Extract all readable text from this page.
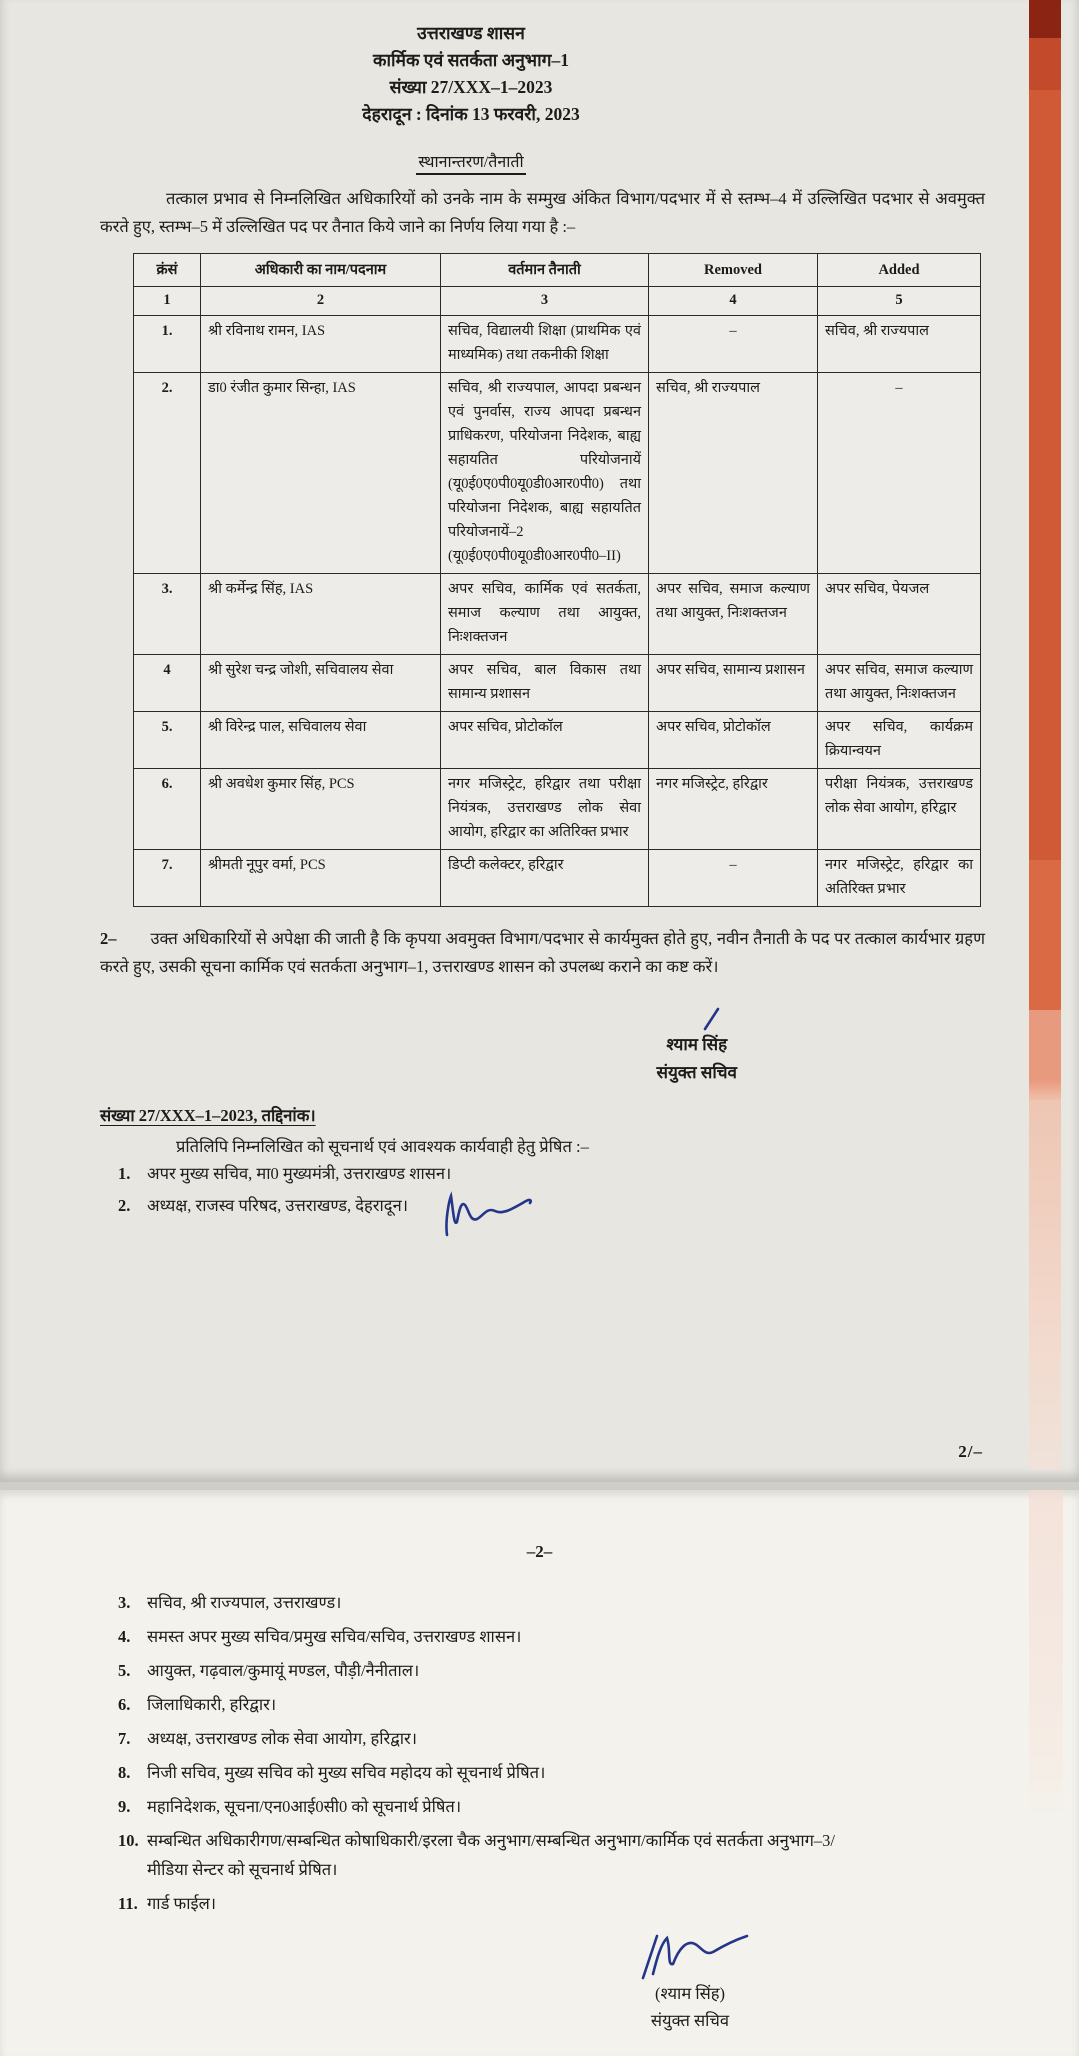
उत्तराखण्ड शासन
कार्मिक एवं सतर्कता अनुभाग–1
संख्या 27/XXX–1–2023
देहरादून : दिनांक 13 फरवरी, 2023
स्थानान्तरण/तैनाती

तत्काल प्रभाव से निम्नलिखित अधिकारियों को उनके नाम के सम्मुख अंकित विभाग/पदभार में से स्तम्भ–4 में उल्लिखित पदभार से अवमुक्त करते हुए, स्तम्भ–5 में उल्लिखित पद पर तैनात किये जाने का निर्णय लिया गया है :–

क्रंसं	अधिकारी का नाम/पदनाम	वर्तमान तैनाती	Removed	Added
1	2	3	4	5
1.	श्री रविनाथ रामन, IAS	सचिव, विद्यालयी शिक्षा (प्राथमिक एवं माध्यमिक) तथा तकनीकी शिक्षा	–	सचिव, श्री राज्यपाल
2.	डा0 रंजीत कुमार सिन्हा, IAS	सचिव, श्री राज्यपाल, आपदा प्रबन्धन एवं पुनर्वास, राज्य आपदा प्रबन्धन प्राधिकरण, परियोजना निदेशक, बाह्य सहायतित परियोजनायें (यू0ई0ए0पी0यू0डी0आर0पी0) तथा परियोजना निदेशक, बाह्य सहायतित परियोजनायें–2 (यू0ई0ए0पी0यू0डी0आर0पी0–II)	सचिव, श्री राज्यपाल	–
3.	श्री कर्मेन्द्र सिंह, IAS	अपर सचिव, कार्मिक एवं सतर्कता, समाज कल्याण तथा आयुक्त, निःशक्तजन	अपर सचिव, समाज कल्याण तथा आयुक्त, निःशक्तजन	अपर सचिव, पेयजल
4	श्री सुरेश चन्द्र जोशी, सचिवालय सेवा	अपर सचिव, बाल विकास तथा सामान्य प्रशासन	अपर सचिव, सामान्य प्रशासन	अपर सचिव, समाज कल्याण तथा आयुक्त, निःशक्तजन
5.	श्री विरेन्द्र पाल, सचिवालय सेवा	अपर सचिव, प्रोटोकॉल	अपर सचिव, प्रोटोकॉल	अपर सचिव, कार्यक्रम क्रियान्वयन
6.	श्री अवधेश कुमार सिंह, PCS	नगर मजिस्ट्रेट, हरिद्वार तथा परीक्षा नियंत्रक, उत्तराखण्ड लोक सेवा आयोग, हरिद्वार का अतिरिक्त प्रभार	नगर मजिस्ट्रेट, हरिद्वार	परीक्षा नियंत्रक, उत्तराखण्ड लोक सेवा आयोग, हरिद्वार
7.	श्रीमती नूपुर वर्मा, PCS	डिप्टी कलेक्टर, हरिद्वार	–	नगर मजिस्ट्रेट, हरिद्वार का अतिरिक्त प्रभार

2– उक्त अधिकारियों से अपेक्षा की जाती है कि कृपया अवमुक्त विभाग/पदभार से कार्यमुक्त होते हुए, नवीन तैनाती के पद पर तत्काल कार्यभार ग्रहण करते हुए, उसकी सूचना कार्मिक एवं सतर्कता अनुभाग–1, उत्तराखण्ड शासन को उपलब्ध कराने का कष्ट करें।

श्याम सिंह
संयुक्त सचिव
संख्या 27/XXX–1–2023, तद्दिनांक।
प्रतिलिपि निम्नलिखित को सूचनार्थ एवं आवश्यक कार्यवाही हेतु प्रेषित :–
1.	अपर मुख्य सचिव, मा0 मुख्यमंत्री, उत्तराखण्ड शासन।
2.	अध्यक्ष, राजस्व परिषद, उत्तराखण्ड, देहरादून।
2/–
–2–
3.	सचिव, श्री राज्यपाल, उत्तराखण्ड।
4.	समस्त अपर मुख्य सचिव/प्रमुख सचिव/सचिव, उत्तराखण्ड शासन।
5.	आयुक्त, गढ़वाल/कुमायूं मण्डल, पौड़ी/नैनीताल।
6.	जिलाधिकारी, हरिद्वार।
7.	अध्यक्ष, उत्तराखण्ड लोक सेवा आयोग, हरिद्वार।
8.	निजी सचिव, मुख्य सचिव को मुख्य सचिव महोदय को सूचनार्थ प्रेषित।
9.	महानिदेशक, सूचना/एन0आई0सी0 को सूचनार्थ प्रेषित।
10. सम्बन्धित अधिकारीगण/सम्बन्धित कोषाधिकारी/इरला चैक अनुभाग/सम्बन्धित अनुभाग/कार्मिक एवं सतर्कता अनुभाग–3/मीडिया सेन्टर को सूचनार्थ प्रेषित।
11. गार्ड फाईल।
(श्याम सिंह)
संयुक्त सचिव
